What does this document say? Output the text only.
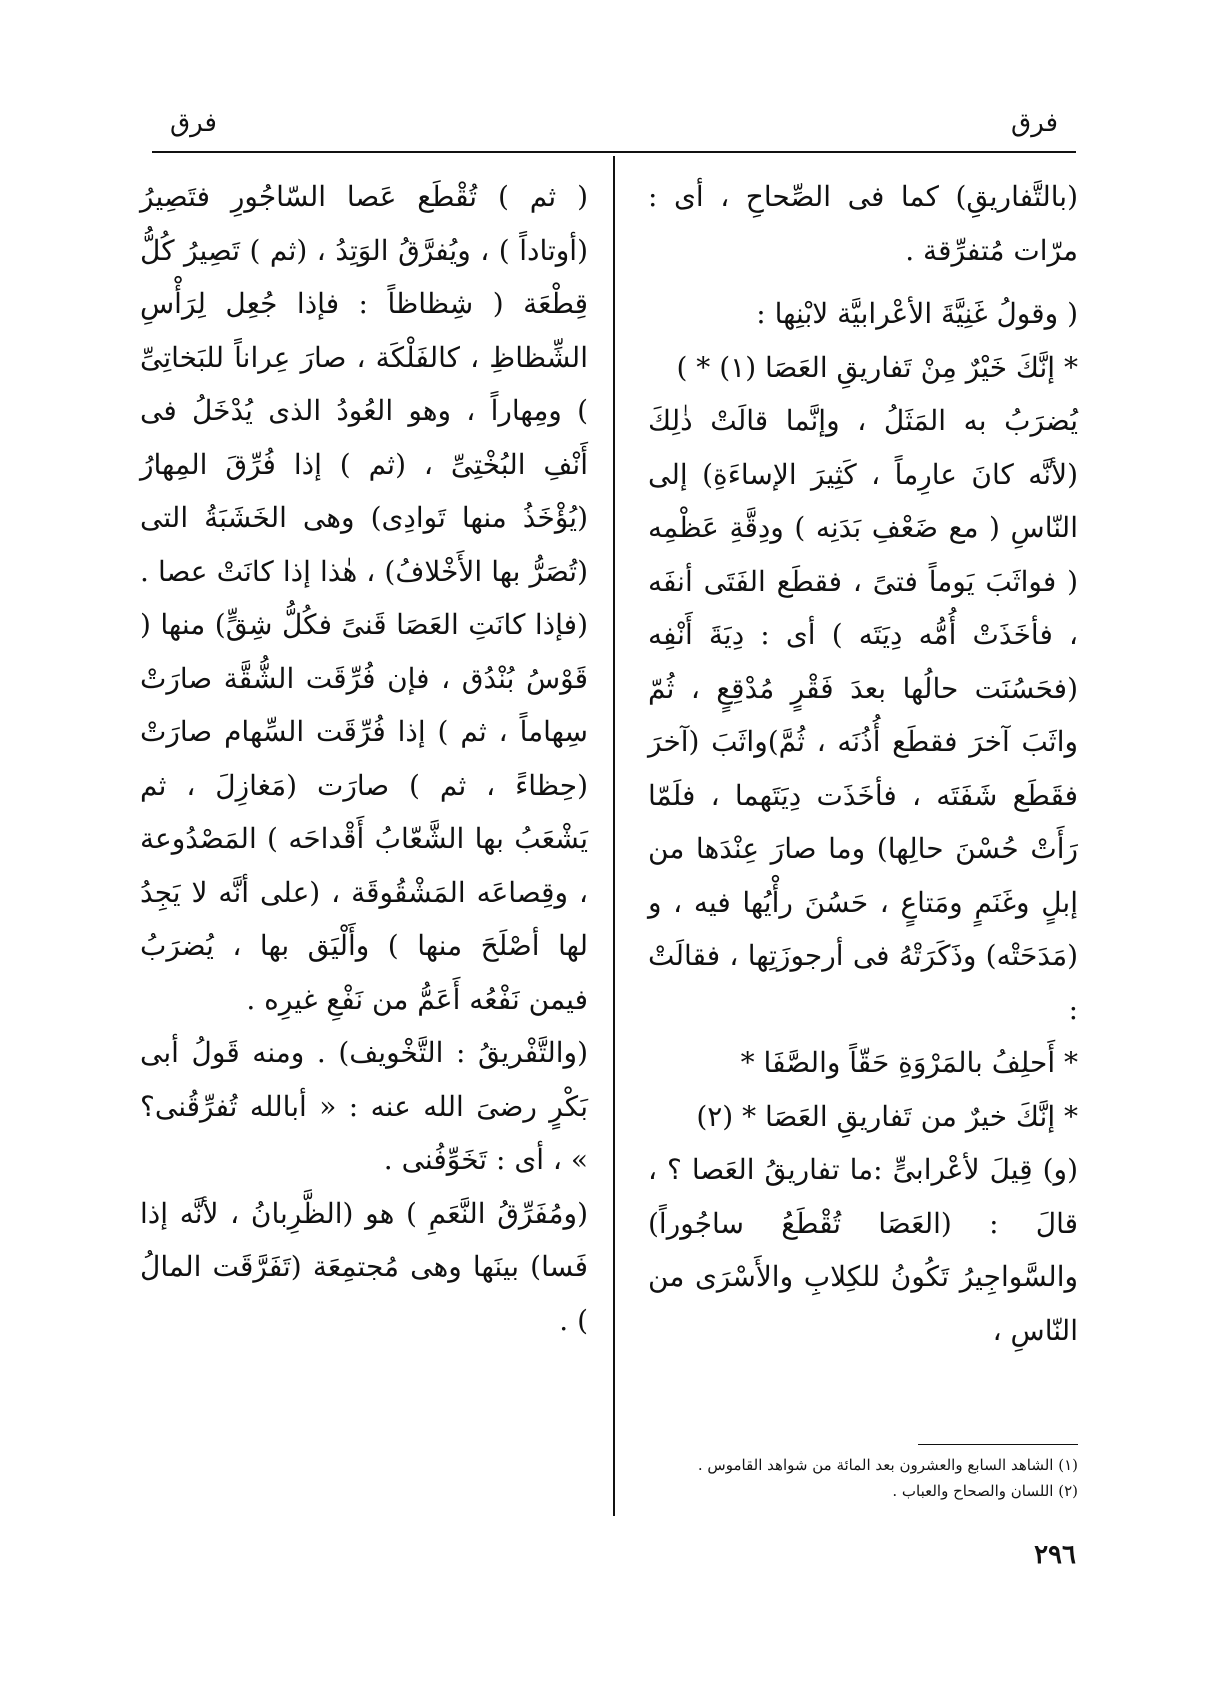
فرق
فرق

(بالتَّفاريقِ) كما فى الصِّحاحِ ، أى : مرّات مُتفرِّقة .

( وقولُ غَنِيَّةَ الأعْرابيَّة لابْنِها :

* إنَّكَ خَيْرٌ مِنْ تَفاريقِ العَصَا (١) * )

يُضرَبُ به المَثَلُ ، وإنَّما قالَتْ ذٰلِكَ (لأنَّه كانَ عارِماً ، كَثِيرَ الإساءَةِ) إلى النّاسِ ( مع ضَعْفِ بَدَنِه ) ودِقَّةِ عَظْمِه ( فواثَبَ يَوماً فتىً ، فقطَع الفَتَى أنفَه ، فأخَذَتْ أُمُّه دِيَتَه ) أى : دِيَةَ أَنْفِه (فحَسُنَت حالُها بعدَ فَقْرٍ مُدْقِعٍ ، ثُمّ واثَبَ آخرَ فقطَع أُذُنَه ، ثُمَّ)واثَبَ (آخرَ فقَطَع شَفَتَه ، فأخَذَت دِيَتَهما ، فلَمّا رَأَتْ حُسْنَ حالِها) وما صارَ عِنْدَها من إبلٍ وغَنَمٍ ومَتاعٍ ، حَسُنَ رأْيُها فيه ، و (مَدَحَتْه) وذَكَرَتْهُ فى أرجوزَتِها ، فقالَتْ :

* أَحلِفُ بالمَرْوَةِ حَقّاً والصَّفَا *

* إنَّكَ خيرٌ من تَفاريقِ العَصَا * (٢)

(و) قِيلَ لأعْرابىٍّ :ما تفاريقُ العَصا ؟ ، قالَ : (العَصَا تُقْطَعُ ساجُوراً) والسَّواجِيرُ تَكُونُ للكِلابِ والأَسْرَى من النّاسِ ،

( ثم ) تُقْطَع عَصا السّاجُورِ فتَصِيرُ (أوتاداً ) ، ويُفرَّقُ الوَتِدُ ، (ثم ) تَصِيرُ كُلُّ قِطْعَة ( شِظاظاً : فإذا جُعِل لِرَأْسِ الشِّظاظِ ، كالفَلْكَة ، صارَ عِراناً للبَخاتِىِّ ) ومِهاراً ، وهو العُودُ الذى يُدْخَلُ فى أَنْفِ البُخْتِىِّ ، (ثم ) إذا فُرِّقَ المِهارُ (يُؤْخَذُ منها تَوادِى) وهى الخَشَبَةُ التى (تُصَرُّ بها الأَخْلافُ) ، هٰذا إذا كانَتْ عصا . (فإذا كانَتِ العَصَا قَنىً فكُلُّ شِقٍّ) منها ( قَوْسُ بُنْدُق ، فإن فُرِّقَت الشُّقَّة صارَتْ سِهاماً ، ثم ) إذا فُرِّقَت السِّهام صارَتْ (حِظاءً ، ثم ) صارَت (مَغازِلَ ، ثم يَشْعَبُ بها الشَّعّابُ أَقْداحَه ) المَصْدُوعة ، وقِصاعَه المَشْقُوقَة ، (على أنَّه لا يَجِدُ لها أصْلَحَ منها ) وأَلْيَق بها ، يُضرَبُ فيمن نَفْعُه أَعَمُّ من نَفْعِ غيرِه .

(والتَّفْريقُ : التَّخْويف) . ومنه قَولُ أبى بَكْرٍ رضىَ الله عنه : « أبالله تُفرِّقُنى؟ » ، أى : تَخَوِّفُنى .

(ومُفَرِّقُ النَّعَمِ ) هو (الظَّرِبانُ ، لأنَّه إذا فَسا) بينَها وهى مُجتمِعَة (تَفَرَّقَت المالُ ) .

(١) الشاهد السابع والعشرون بعد المائة من شواهد القاموس .

(٢) اللسان والصحاح والعباب .

٢٩٦
